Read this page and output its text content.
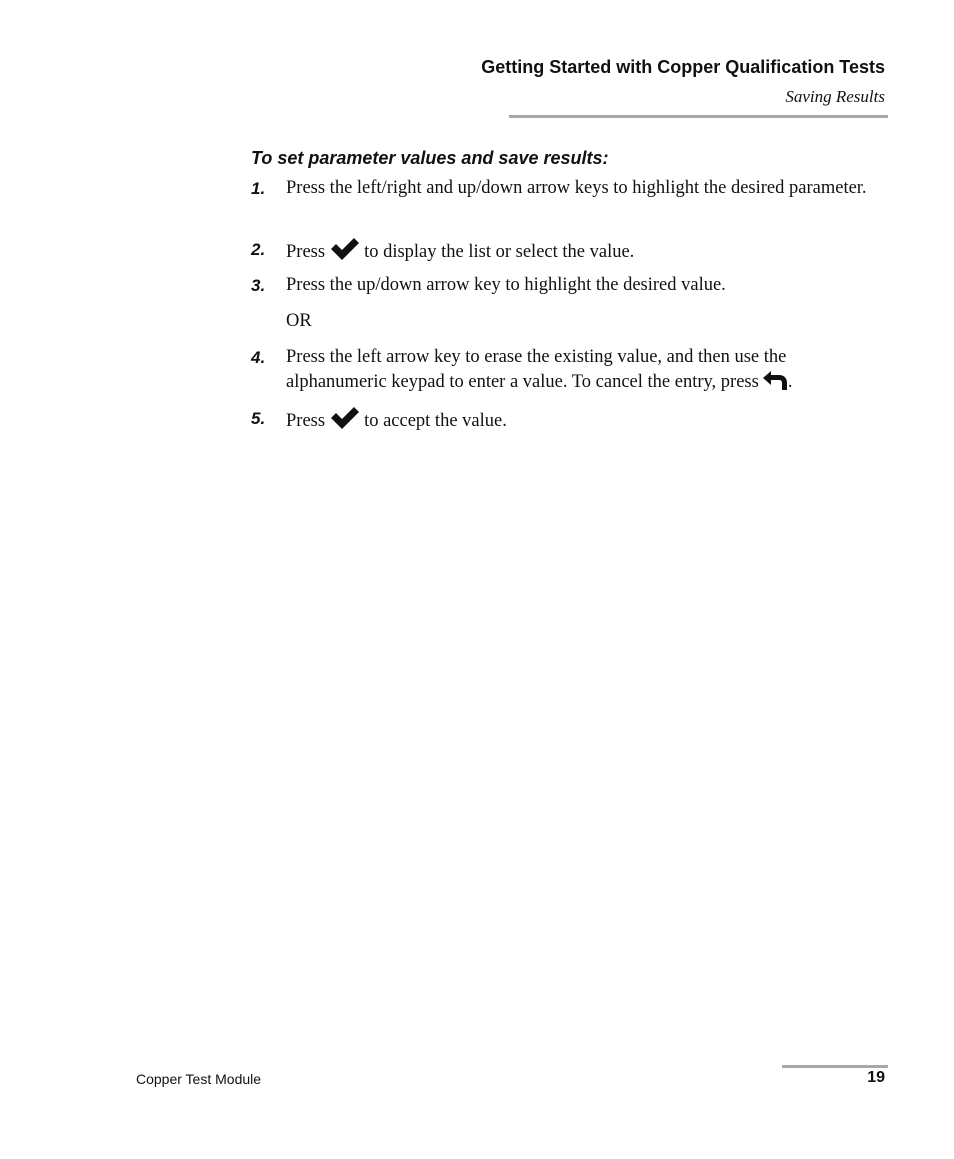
Getting Started with Copper Qualification Tests
Saving Results
To set parameter values and save results:
1. Press the left/right and up/down arrow keys to highlight the desired parameter.
2. Press to display the list or select the value.
3. Press the up/down arrow key to highlight the desired value.
OR
4. Press the left arrow key to erase the existing value, and then use the
alphanumeric keypad to enter a value. To cancel the entry, press .
5. Press to accept the value.
Copper Test Module	19
